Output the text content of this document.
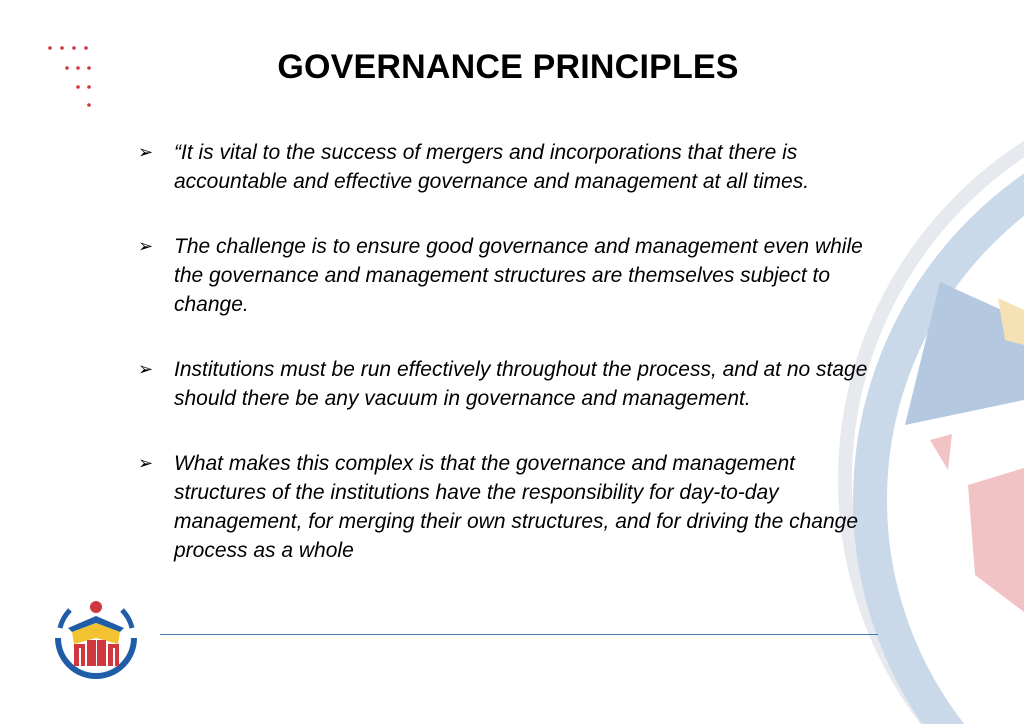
GOVERNANCE PRINCIPLES
➢ “It is vital to the success of mergers and incorporations that there is accountable and effective governance and management at all times.
➢ The challenge is to ensure good governance and management even while the governance and management structures are themselves subject to change.
➢ Institutions must be run effectively throughout the process, and at no stage should there be any vacuum in governance and management.
➢ What makes this complex is that the governance and management structures of the institutions have the responsibility for day-to-day management, for merging their own structures, and for driving the change process as a whole
